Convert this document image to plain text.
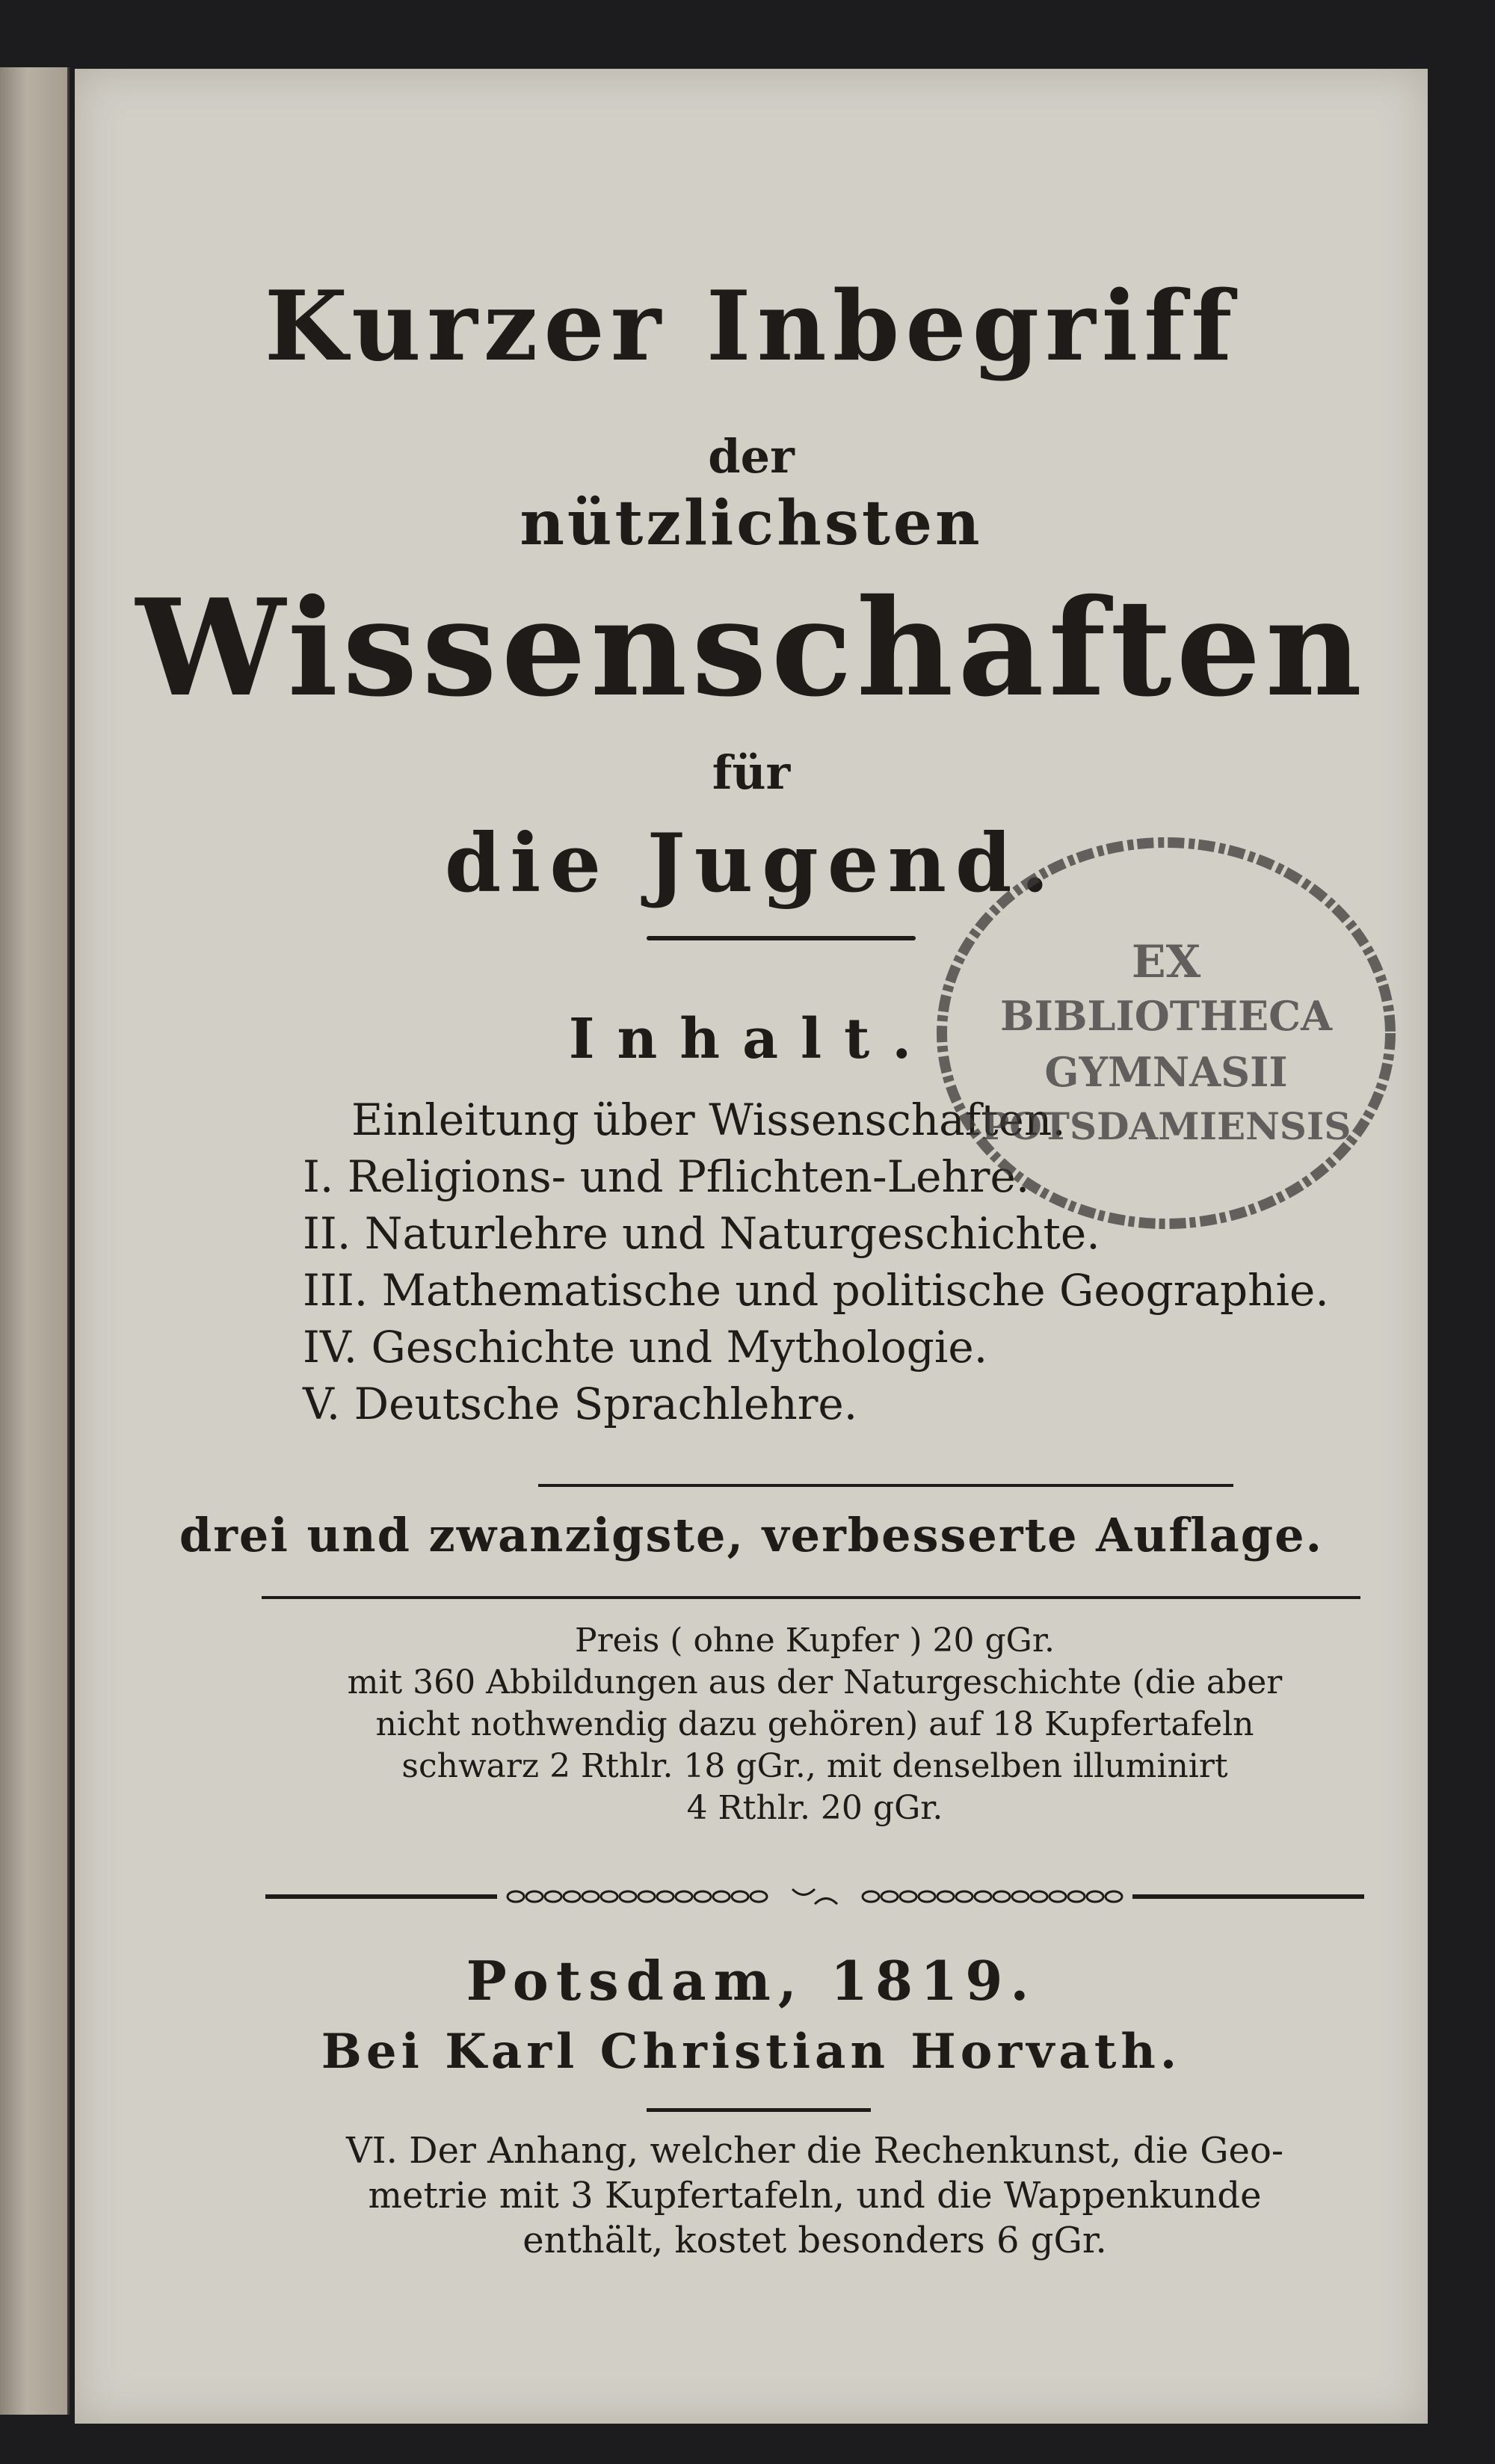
Kurzer Inbegriff
der
nützlichsten
Wissenschaften
für
die Jugend.
Inhalt.
Einleitung über Wissenschaften.
I. Religions- und Pflichten-Lehre.
II. Naturlehre und Naturgeschichte.
III. Mathematische und politische Geographie.
IV. Geschichte und Mythologie.
V. Deutsche Sprachlehre.
drei und zwanzigste, verbesserte Auflage.
Preis ( ohne Kupfer ) 20 gGr.
mit 360 Abbildungen aus der Naturgeschichte (die aber
nicht nothwendig dazu gehören) auf 18 Kupfertafeln
schwarz 2 Rthlr. 18 gGr., mit denselben illuminirt
4 Rthlr. 20 gGr.
Potsdam, 1819.
Bei Karl Christian Horvath.
VI. Der Anhang, welcher die Rechenkunst, die Geo-
metrie mit 3 Kupfertafeln, und die Wappenkunde
enthält, kostet besonders 6 gGr.
EX
BIBLIOTHECA
GYMNASII
POTSDAMIENSIS
